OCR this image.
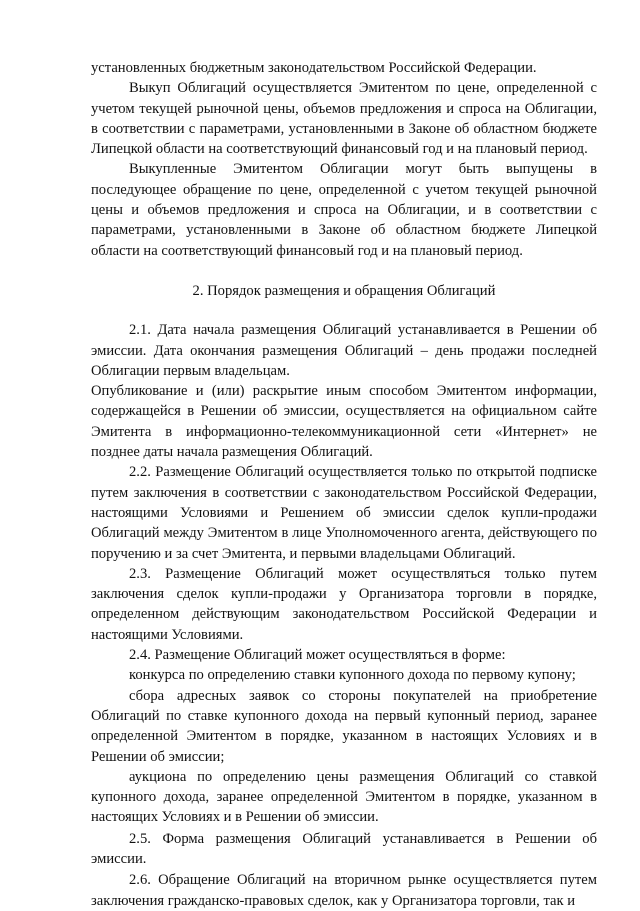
установленных бюджетным законодательством Российской Федерации.

Выкуп Облигаций осуществляется Эмитентом по цене, определенной с учетом текущей рыночной цены, объемов предложения и спроса на Облигации, в соответствии с параметрами, установленными в Законе об областном бюджете Липецкой области на соответствующий финансовый год и на плановый период.

Выкупленные Эмитентом Облигации могут быть выпущены в последующее обращение по цене, определенной с учетом текущей рыночной цены и объемов предложения и спроса на Облигации, и в соответствии с параметрами, установленными в Законе об областном бюджете Липецкой области на соответствующий финансовый год и на плановый период.

2. Порядок размещения и обращения Облигаций

2.1. Дата начала размещения Облигаций устанавливается в Решении об эмиссии. Дата окончания размещения Облигаций – день продажи последней Облигации первым владельцам.

Опубликование и (или) раскрытие иным способом Эмитентом информации, содержащейся в Решении об эмиссии, осуществляется на официальном сайте Эмитента в информационно-телекоммуникационной сети «Интернет» не позднее даты начала размещения Облигаций.

2.2. Размещение Облигаций осуществляется только по открытой подписке путем заключения в соответствии с законодательством Российской Федерации, настоящими Условиями и Решением об эмиссии сделок купли-продажи Облигаций между Эмитентом в лице Уполномоченного агента, действующего по поручению и за счет Эмитента, и первыми владельцами Облигаций.

2.3. Размещение Облигаций может осуществляться только путем заключения сделок купли-продажи у Организатора торговли в порядке, определенном действующим законодательством Российской Федерации и настоящими Условиями.

2.4. Размещение Облигаций может осуществляться в форме:

конкурса по определению ставки купонного дохода по первому купону;

сбора адресных заявок со стороны покупателей на приобретение Облигаций по ставке купонного дохода на первый купонный период, заранее определенной Эмитентом в порядке, указанном в настоящих Условиях и в Решении об эмиссии;

аукциона по определению цены размещения Облигаций со ставкой купонного дохода, заранее определенной Эмитентом в порядке, указанном в настоящих Условиях и в Решении об эмиссии.

2.5. Форма размещения Облигаций устанавливается в Решении об эмиссии.

2.6. Обращение Облигаций на вторичном рынке осуществляется путем заключения гражданско-правовых сделок, как у Организатора торговли, так и
